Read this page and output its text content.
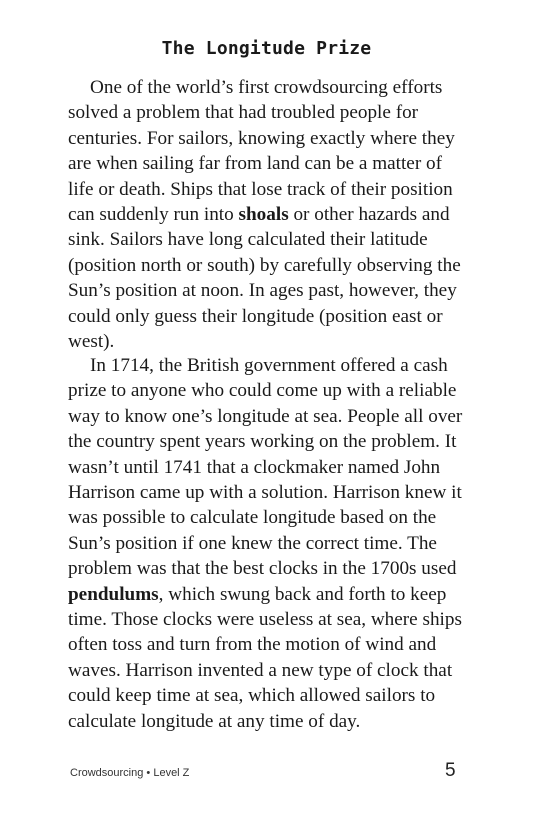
The Longitude Prize

One of the world’s first crowdsourcing efforts solved a problem that had troubled people for centuries. For sailors, knowing exactly where they are when sailing far from land can be a matter of life or death. Ships that lose track of their position can suddenly run into shoals or other hazards and sink. Sailors have long calculated their latitude (position north or south) by carefully observing the Sun’s position at noon. In ages past, however, they could only guess their longitude (position east or west).

In 1714, the British government offered a cash prize to anyone who could come up with a reliable way to know one’s longitude at sea. People all over the country spent years working on the problem. It wasn’t until 1741 that a clockmaker named John Harrison came up with a solution. Harrison knew it was possible to calculate longitude based on the Sun’s position if one knew the correct time. The problem was that the best clocks in the 1700s used pendulums, which swung back and forth to keep time. Those clocks were useless at sea, where ships often toss and turn from the motion of wind and waves. Harrison invented a new type of clock that could keep time at sea, which allowed sailors to calculate longitude at any time of day.

Crowdsourcing • Level Z	5
